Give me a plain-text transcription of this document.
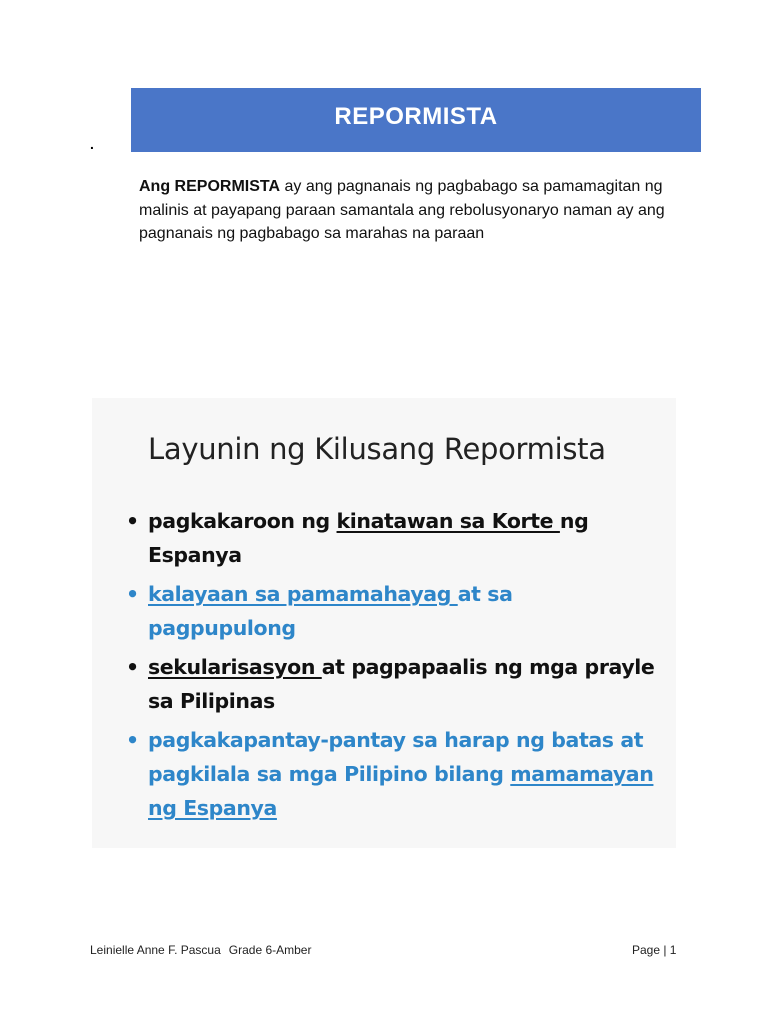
.
REPORMISTA
Ang REPORMISTA ay ang pagnanais ng pagbabago sa pamamagitan ng malinis at payapang paraan samantala ang rebolusyonaryo naman ay ang pagnanais ng pagbabago sa marahas na paraan
Layunin ng Kilusang Repormista
• pagkakaroon ng kinatawan sa Korte ng Espanya
• kalayaan sa pamamahayag at sa pagpupulong
• sekularisasyon at pagpapaalis ng mga prayle sa Pilipinas
• pagkakapantay-pantay sa harap ng batas at pagkilala sa mga Pilipino bilang mamamayan ng Espanya
Leinielle Anne F. Pascua Grade 6-Amber	Page | 1
